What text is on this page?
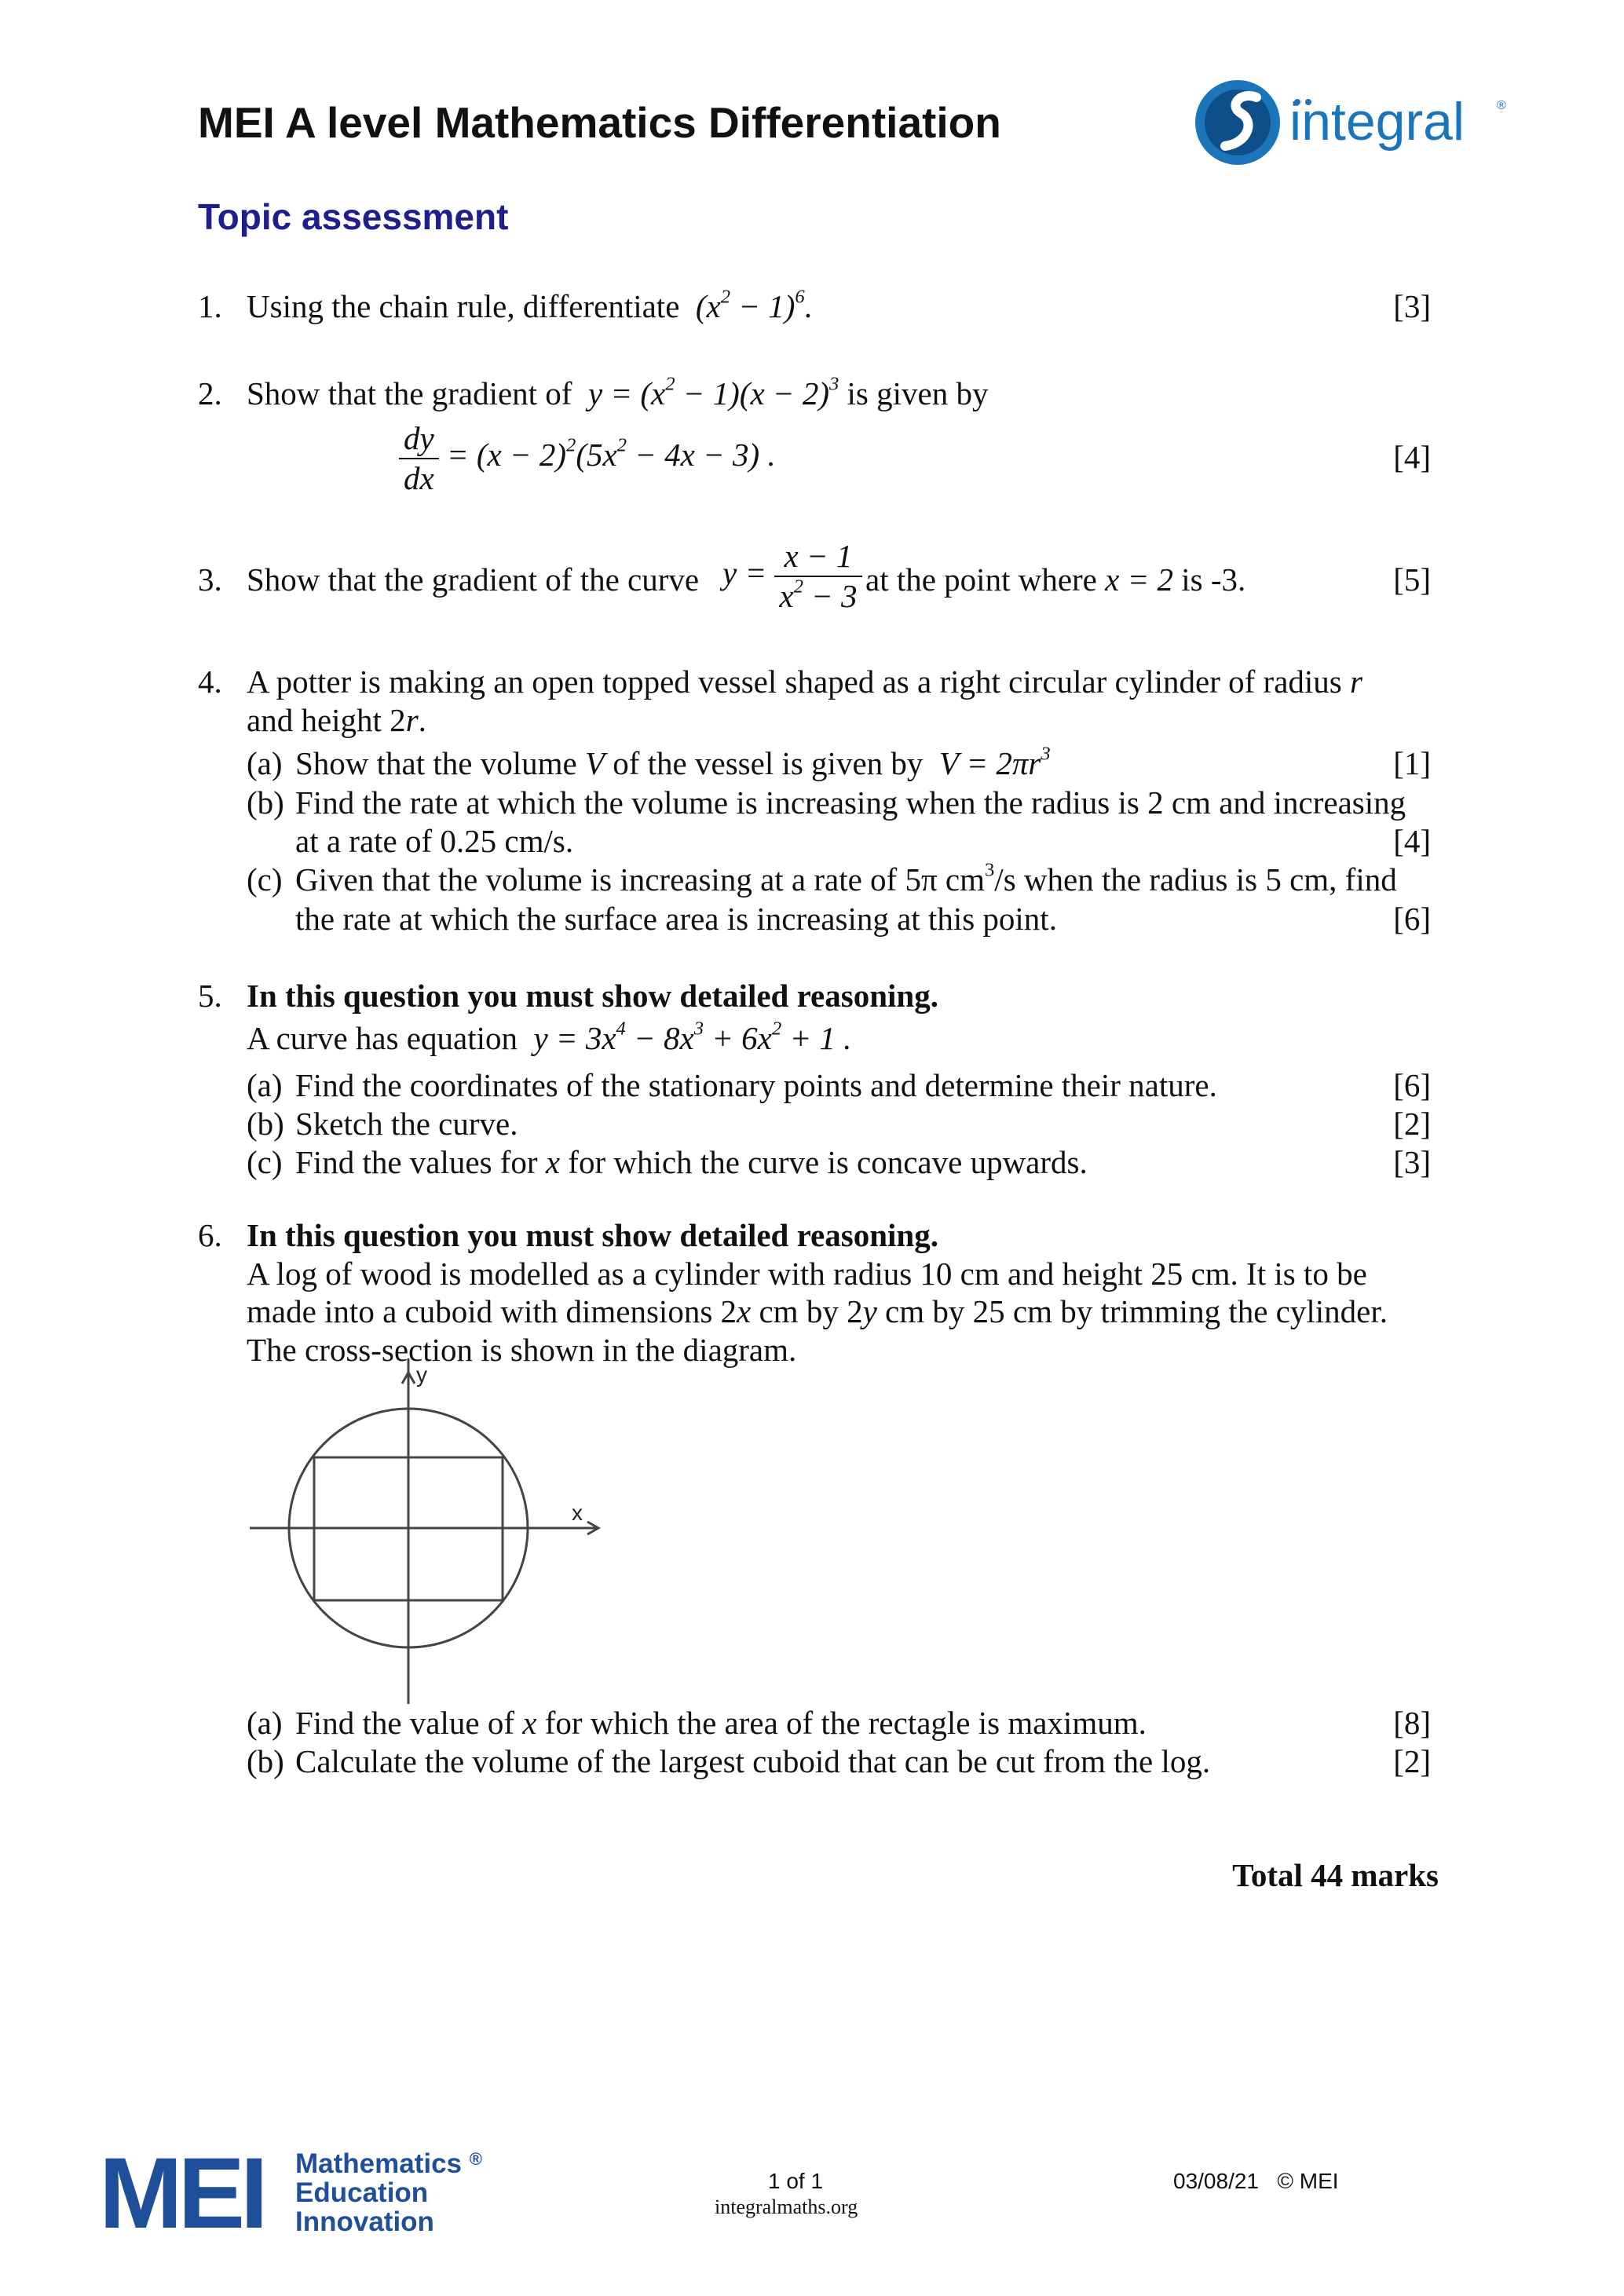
MEI A level Mathematics Differentiation	integral	®
Topic assessment
1. Using the chain rule, differentiate $(x^2 - 1)^6$.	[3]
2. Show that the gradient of $y = (x^2 - 1)(x - 2)^3$ is given by
$\frac{dy}{dx} = (x - 2)^2(5x^2 - 4x - 3)$ .	[4]
3. Show that the gradient of the curve $y = \frac{x - 1}{x^2 - 3}$ at the point where x = 2 is -3.	[5]
4. A potter is making an open topped vessel shaped as a right circular cylinder of radius r
and height 2r.
(a) Show that the volume V of the vessel is given by $V = 2\pi r^3$	[1]
(b) Find the rate at which the volume is increasing when the radius is 2 cm and increasing
at a rate of 0.25 cm/s.	[4]
(c) Given that the volume is increasing at a rate of 5π $cm^3/s$ when the radius is 5 cm, find
the rate at which the surface area is increasing at this point.	[6]
5. In this question you must show detailed reasoning.
A curve has equation $y = 3x^4 - 8x^3 + 6x^2 + 1$ .
(a) Find the coordinates of the stationary points and determine their nature.	[6]
(b) Sketch the curve.	[2]
(c) Find the values for x for which the curve is concave upwards.	[3]
6. In this question you must show detailed reasoning.
A log of wood is modelled as a cylinder with radius 10 cm and height 25 cm. It is to be
made into a cuboid with dimensions 2x cm by 2y cm by 25 cm by trimming the cylinder.
The cross-section is shown in the diagram.
y
x
(a) Find the value of x for which the area of the rectagle is maximum.	[8]
(b) Calculate the volume of the largest cuboid that can be cut from the log.	[2]
Total 44 marks
MEI Mathematics ®
Education
Innovation
1 of 1
integralmaths.org
03/08/21 © MEI
